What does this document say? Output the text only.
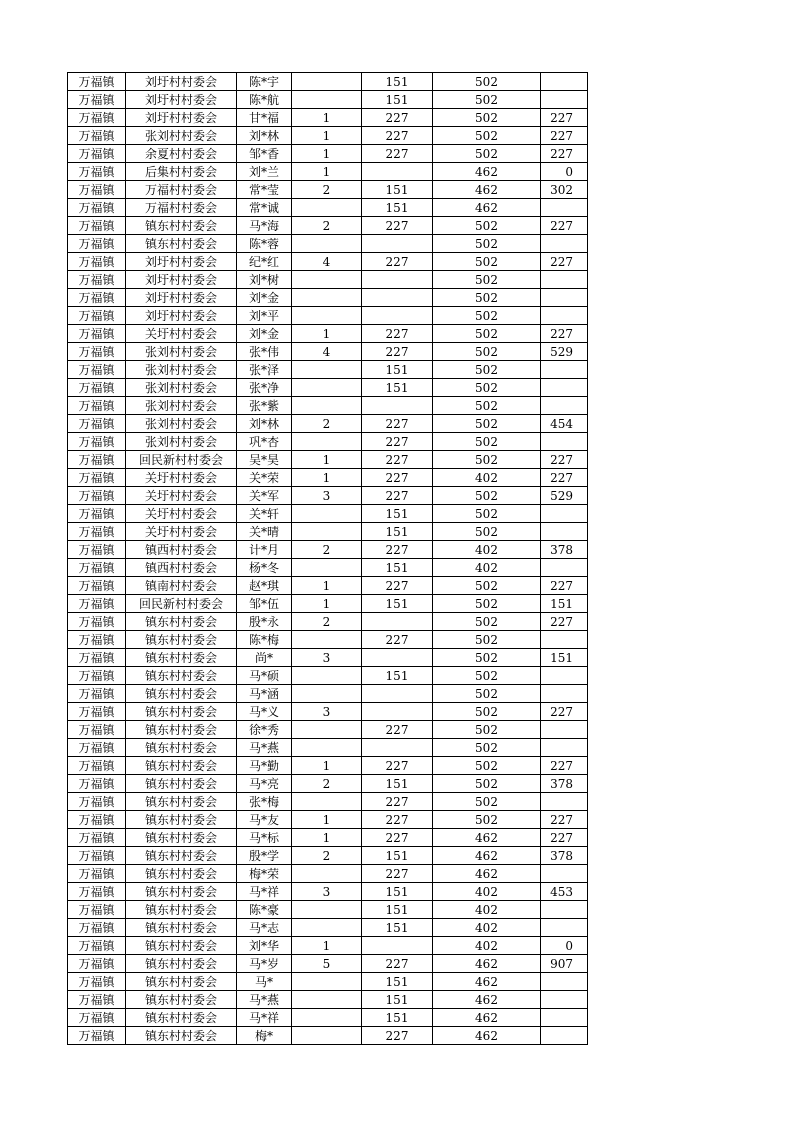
万福镇	刘圩村村委会	陈*宇		151	502	
万福镇	刘圩村村委会	陈*航		151	502	
万福镇	刘圩村村委会	甘*福	1	227	502	227
万福镇	张刘村村委会	刘*林	1	227	502	227
万福镇	余夏村村委会	邹*香	1	227	502	227
万福镇	后集村村委会	刘*兰	1		462	0
万福镇	万福村村委会	常*莹	2	151	462	302
万福镇	万福村村委会	常*诚		151	462	
万福镇	镇东村村委会	马*海	2	227	502	227
万福镇	镇东村村委会	陈*蓉			502	
万福镇	刘圩村村委会	纪*红	4	227	502	227
万福镇	刘圩村村委会	刘*树			502	
万福镇	刘圩村村委会	刘*金			502	
万福镇	刘圩村村委会	刘*平			502	
万福镇	关圩村村委会	刘*金	1	227	502	227
万福镇	张刘村村委会	张*伟	4	227	502	529
万福镇	张刘村村委会	张*泽		151	502	
万福镇	张刘村村委会	张*净		151	502	
万福镇	张刘村村委会	张*紫			502	
万福镇	张刘村村委会	刘*林	2	227	502	454
万福镇	张刘村村委会	巩*杏		227	502	
万福镇	回民新村村委会	吴*昊	1	227	502	227
万福镇	关圩村村委会	关*荣	1	227	402	227
万福镇	关圩村村委会	关*军	3	227	502	529
万福镇	关圩村村委会	关*轩		151	502	
万福镇	关圩村村委会	关*晴		151	502	
万福镇	镇西村村委会	计*月	2	227	402	378
万福镇	镇西村村委会	杨*冬		151	402	
万福镇	镇南村村委会	赵*琪	1	227	502	227
万福镇	回民新村村委会	邹*伍	1	151	502	151
万福镇	镇东村村委会	殷*永	2		502	227
万福镇	镇东村村委会	陈*梅		227	502	
万福镇	镇东村村委会	尚*	3		502	151
万福镇	镇东村村委会	马*硕		151	502	
万福镇	镇东村村委会	马*涵			502	
万福镇	镇东村村委会	马*义	3		502	227
万福镇	镇东村村委会	徐*秀		227	502	
万福镇	镇东村村委会	马*燕			502	
万福镇	镇东村村委会	马*勤	1	227	502	227
万福镇	镇东村村委会	马*亮	2	151	502	378
万福镇	镇东村村委会	张*梅		227	502	
万福镇	镇东村村委会	马*友	1	227	502	227
万福镇	镇东村村委会	马*标	1	227	462	227
万福镇	镇东村村委会	殷*学	2	151	462	378
万福镇	镇东村村委会	梅*荣		227	462	
万福镇	镇东村村委会	马*祥	3	151	402	453
万福镇	镇东村村委会	陈*豪		151	402	
万福镇	镇东村村委会	马*志		151	402	
万福镇	镇东村村委会	刘*华	1		402	0
万福镇	镇东村村委会	马*岁	5	227	462	907
万福镇	镇东村村委会	马*		151	462	
万福镇	镇东村村委会	马*燕		151	462	
万福镇	镇东村村委会	马*祥		151	462	
万福镇	镇东村村委会	梅*		227	462	
